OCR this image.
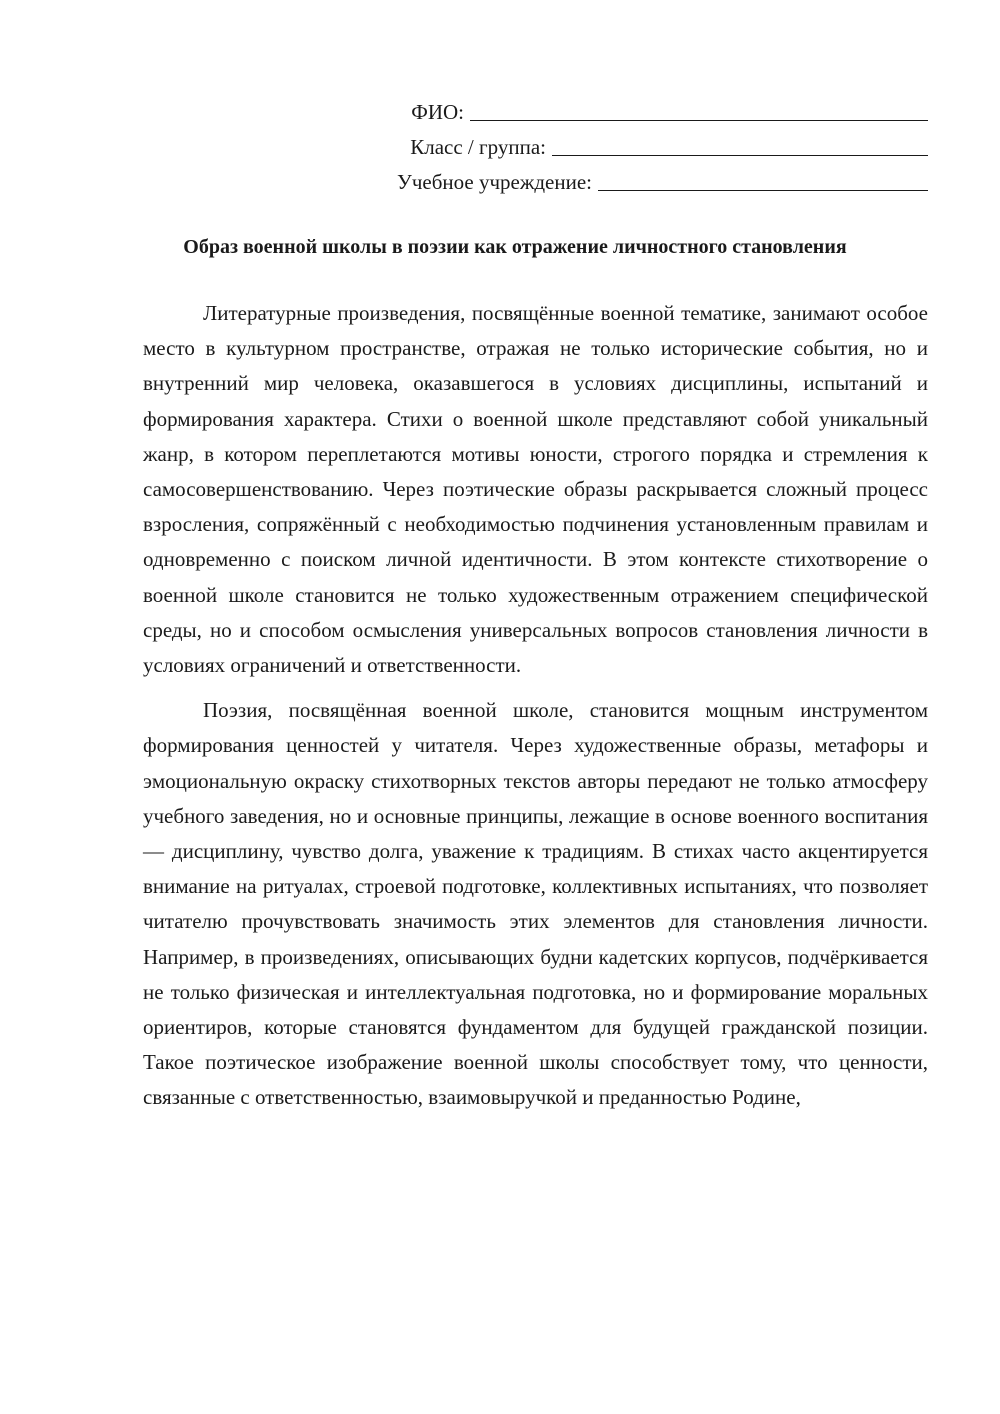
ФИО:
Класс / группа:
Учебное учреждение:
Образ военной школы в поэзии как отражение личностного становления

Литературные произведения, посвящённые военной тематике, занимают особое место в культурном пространстве, отражая не только исторические события, но и внутренний мир человека, оказавшегося в условиях дисциплины, испытаний и формирования характера. Стихи о военной школе представляют собой уникальный жанр, в котором переплетаются мотивы юности, строгого порядка и стремления к самосовершенствованию. Через поэтические образы раскрывается сложный процесс взросления, сопряжённый с необходимостью подчинения установленным правилам и одновременно с поиском личной идентичности. В этом контексте стихотворение о военной школе становится не только художественным отражением специфической среды, но и способом осмысления универсальных вопросов становления личности в условиях ограничений и ответственности.

Поэзия, посвящённая военной школе, становится мощным инструментом формирования ценностей у читателя. Через художественные образы, метафоры и эмоциональную окраску стихотворных текстов авторы передают не только атмосферу учебного заведения, но и основные принципы, лежащие в основе военного воспитания — дисциплину, чувство долга, уважение к традициям. В стихах часто акцентируется внимание на ритуалах, строевой подготовке, коллективных испытаниях, что позволяет читателю прочувствовать значимость этих элементов для становления личности. Например, в произведениях, описывающих будни кадетских корпусов, подчёркивается не только физическая и интеллектуальная подготовка, но и формирование моральных ориентиров, которые становятся фундаментом для будущей гражданской позиции. Такое поэтическое изображение военной школы способствует тому, что ценности, связанные с ответственностью, взаимовыручкой и преданностью Родине,
